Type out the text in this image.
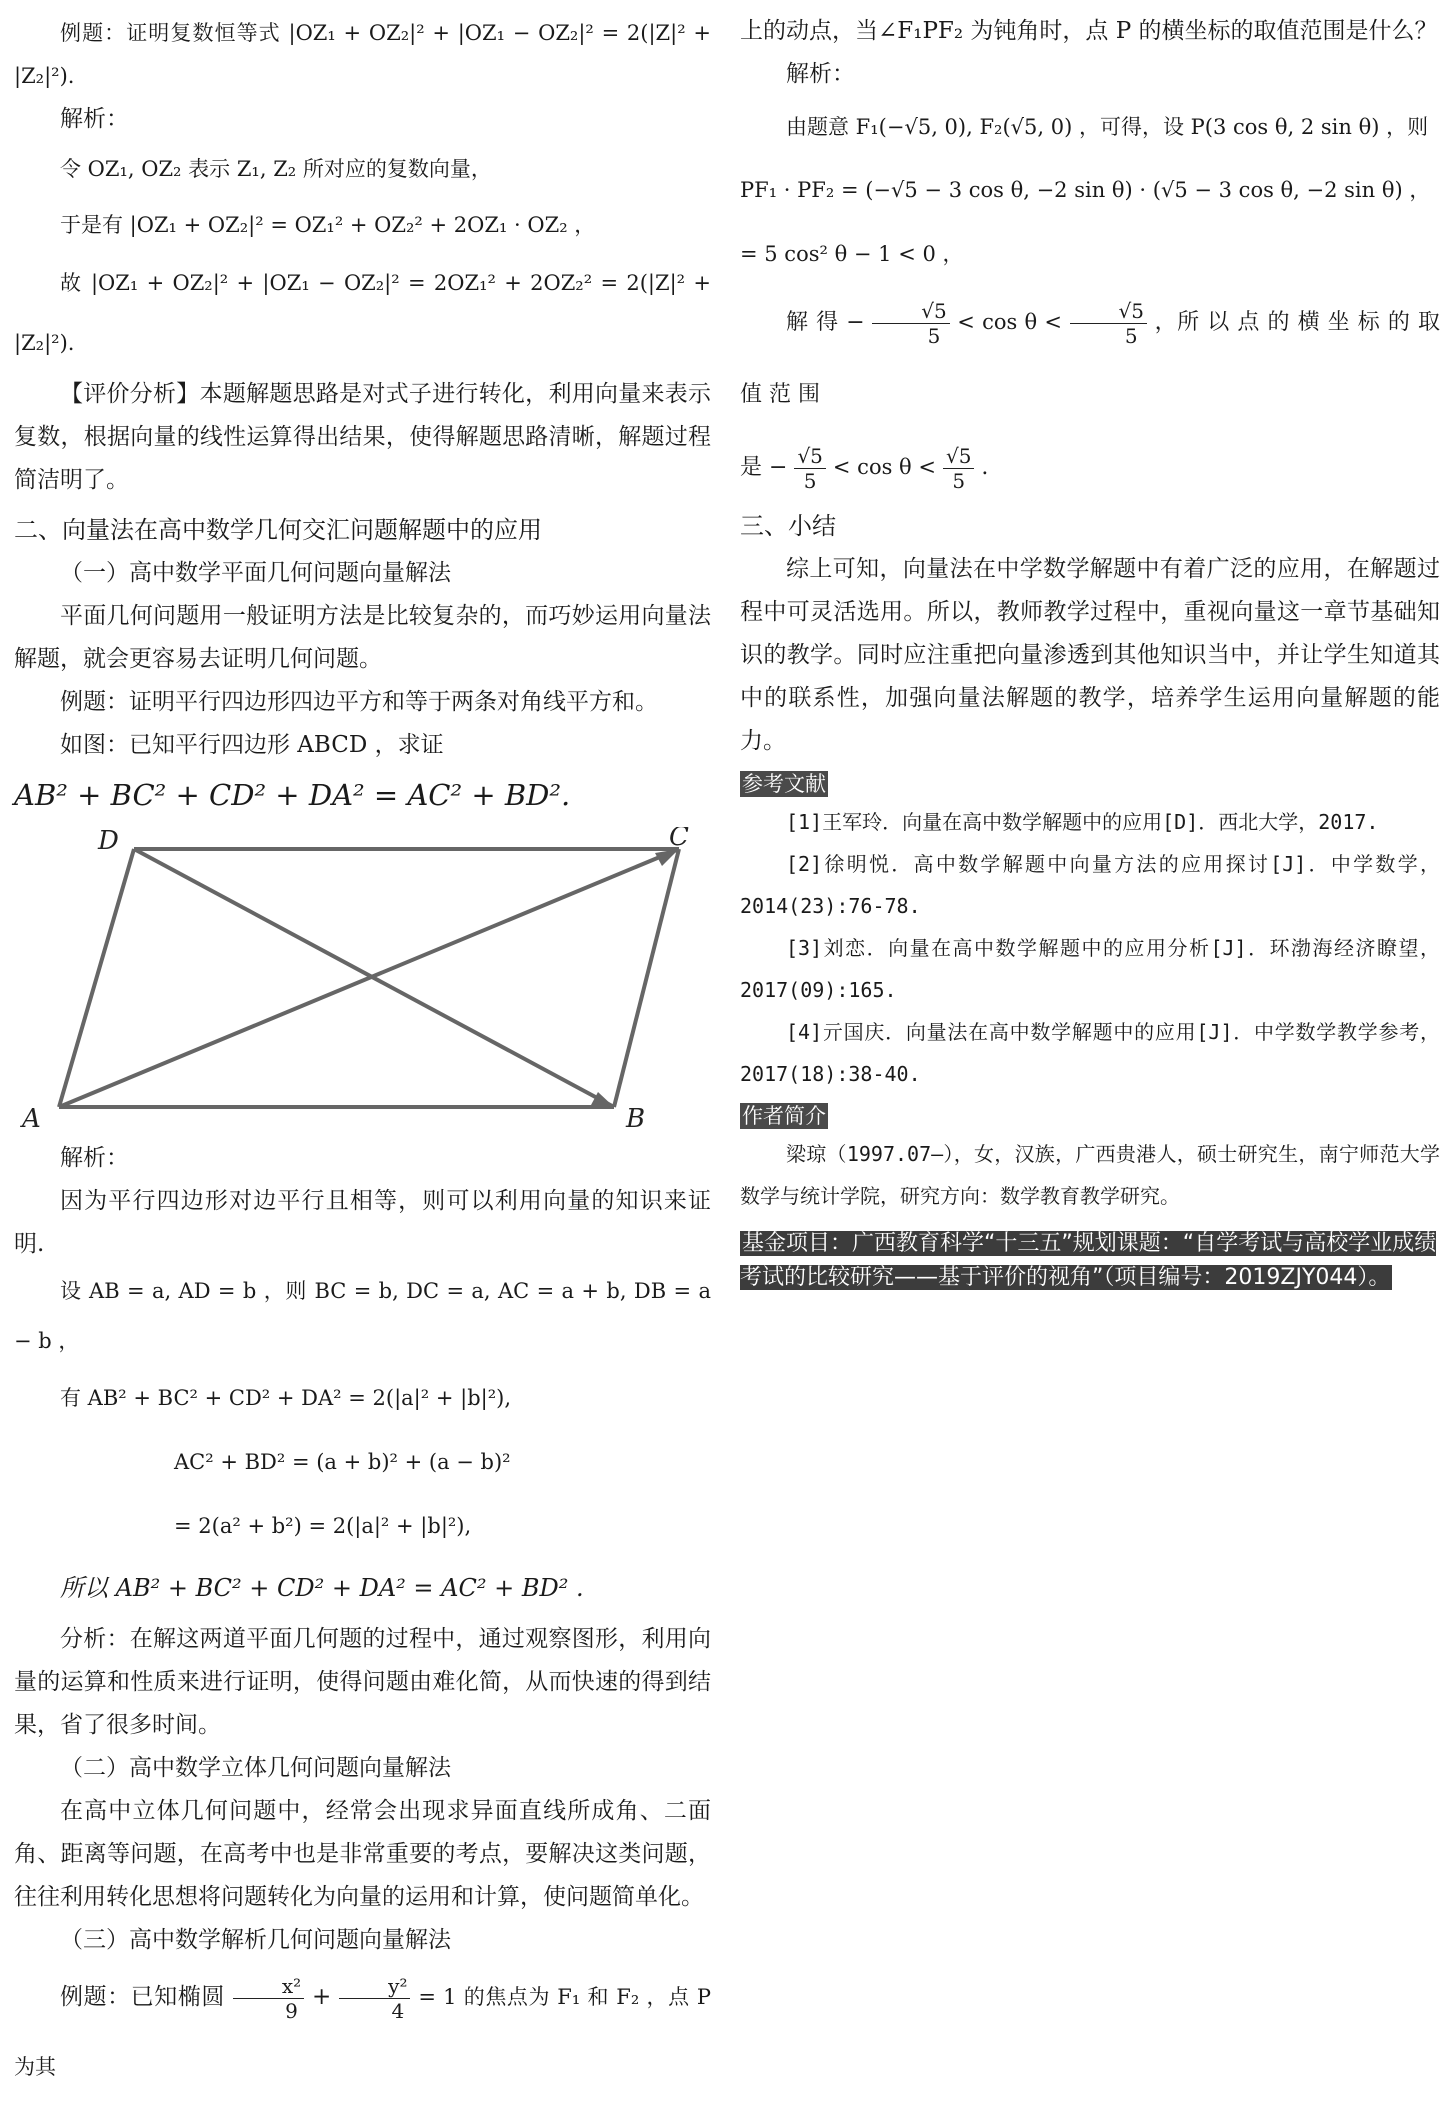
例题：证明复数恒等式 |OZ₁ + OZ₂|² + |OZ₁ − OZ₂|² = 2(|Z|² + |Z₂|²).

解析：

令 OZ₁, OZ₂ 表示 Z₁, Z₂ 所对应的复数向量，

于是有 |OZ₁ + OZ₂|² = OZ₁² + OZ₂² + 2OZ₁ · OZ₂ ，

故 |OZ₁ + OZ₂|² + |OZ₁ − OZ₂|² = 2OZ₁² + 2OZ₂² = 2(|Z|² + |Z₂|²).

【评价分析】本题解题思路是对式子进行转化，利用向量来表示复数，根据向量的线性运算得出结果，使得解题思路清晰，解题过程简洁明了。

二、向量法在高中数学几何交汇问题解题中的应用

（一）高中数学平面几何问题向量解法

平面几何问题用一般证明方法是比较复杂的，而巧妙运用向量法解题，就会更容易去证明几何问题。

例题：证明平行四边形四边平方和等于两条对角线平方和。

如图：已知平行四边形 ABCD ，求证

AB² + BC² + CD² + DA² = AC² + BD².

D	C
A	B

解析：

因为平行四边形对边平行且相等，则可以利用向量的知识来证明.

设 AB = a, AD = b ，则 BC = b, DC = a, AC = a + b, DB = a − b ，

有 AB² + BC² + CD² + DA² = 2(|a|² + |b|²),

AC² + BD² = (a + b)² + (a − b)²

= 2(a² + b²) = 2(|a|² + |b|²),

所以 AB² + BC² + CD² + DA² = AC² + BD² .

分析：在解这两道平面几何题的过程中，通过观察图形，利用向量的运算和性质来进行证明，使得问题由难化简，从而快速的得到结果，省了很多时间。

（二）高中数学立体几何问题向量解法

在高中立体几何问题中，经常会出现求异面直线所成角、二面角、距离等问题，在高考中也是非常重要的考点，要解决这类问题，往往利用转化思想将问题转化为向量的运用和计算，使问题简单化。

（三）高中数学解析几何问题向量解法

例题：已知椭圆 $\frac{\text{x²}}{9} + \frac{\text{y²}}{4} = 1$ 的焦点为 F₁ 和 F₂ ，点 P 为其

上的动点，当∠F₁PF₂ 为钝角时，点 P 的横坐标的取值范围是什么？

解析：

由题意 F₁(−√5, 0), F₂(√5, 0) ，可得，设 P(3 cos θ, 2 sin θ) ，则

PF₁ · PF₂ = (−√5 − 3 cos θ, −2 sin θ) · (√5 − 3 cos θ, −2 sin θ) ，

= 5 cos² θ − 1 < 0 ，

解 得 − $\frac{√5}{5} < \cos \theta < \frac{√5}{5}$ ，所 以 点 的 横 坐 标 的 取 值 范 围

是 − $\frac{√5}{5} < \cos \theta < \frac{√5}{5}$ .

三、小结

综上可知，向量法在中学数学解题中有着广泛的应用，在解题过程中可灵活选用。所以，教师教学过程中，重视向量这一章节基础知识的教学。同时应注重把向量渗透到其他知识当中，并让学生知道其中的联系性，加强向量法解题的教学，培养学生运用向量解题的能力。

参考文献

[1]王军玲．向量在高中数学解题中的应用[D]．西北大学，2017.

[2]徐明悦．高中数学解题中向量方法的应用探讨[J]．中学数学，2014(23):76-78.

[3]刘恋．向量在高中数学解题中的应用分析[J]．环渤海经济瞭望，2017(09):165.

[4]亓国庆．向量法在高中数学解题中的应用[J]．中学数学教学参考，2017(18):38-40.

作者简介

梁琼（1997.07—），女，汉族，广西贵港人，硕士研究生，南宁师范大学数学与统计学院，研究方向：数学教育教学研究。

基金项目：广西教育科学“十三五”规划课题：“自学考试与高校学业成绩考试的比较研究——基于评价的视角”（项目编号：2019ZJY044）。
